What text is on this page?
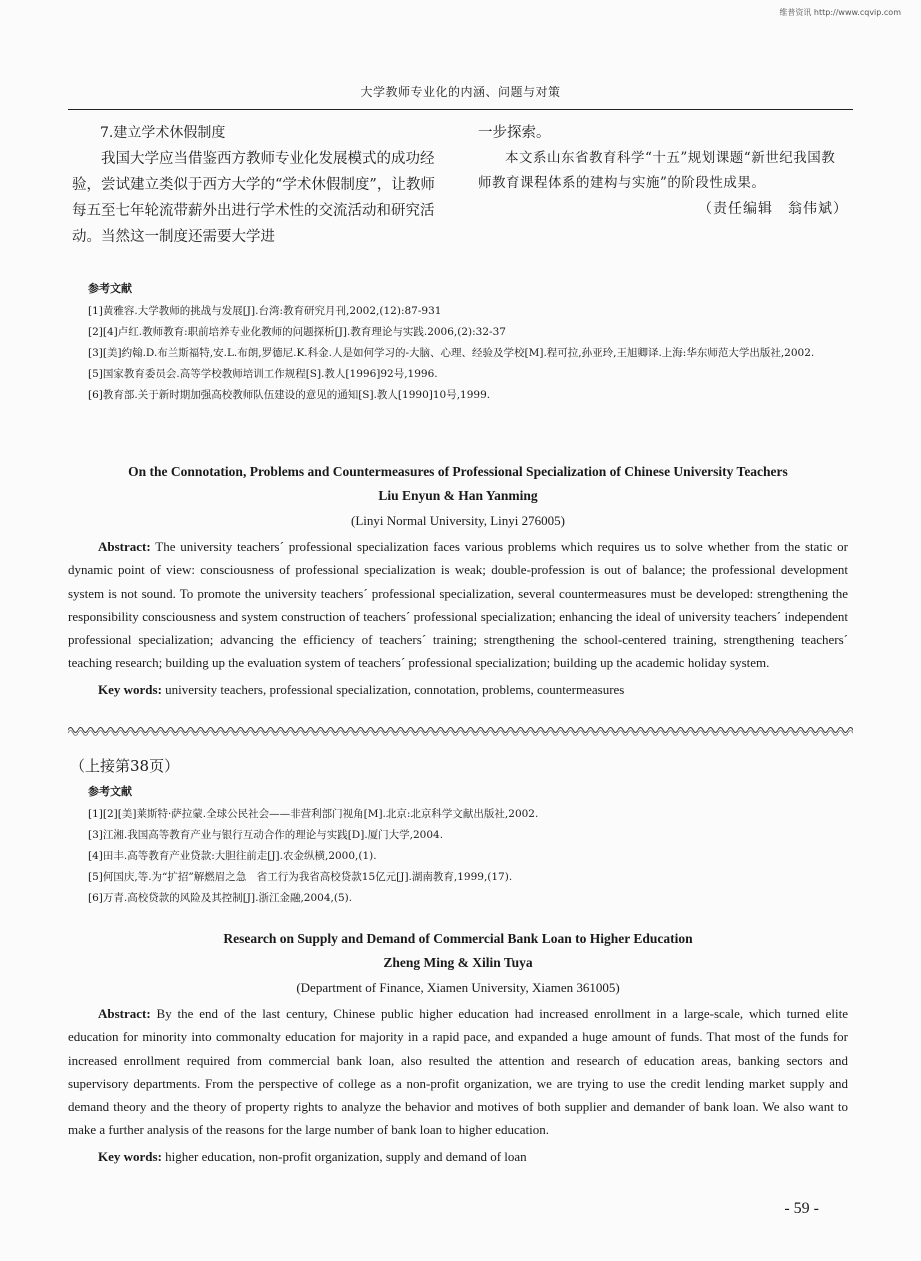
维普资讯 http://www.cqvip.com
大学教师专业化的内涵、问题与对策

7.建立学术休假制度

我国大学应当借鉴西方教师专业化发展模式的成功经验，尝试建立类似于西方大学的“学术休假制度”，让教师每五至七年轮流带薪外出进行学术性的交流活动和研究活动。当然这一制度还需要大学进

一步探索。

本文系山东省教育科学“十五”规划课题“新世纪我国教师教育课程体系的建构与实施”的阶段性成果。

（责任编辑　翁伟斌）

参考文献

[1]黄雅容.大学教师的挑战与发展[J].台湾:教育研究月刊,2002,(12):87-931

[2][4]卢红.教师教育:职前培养专业化教师的问题探析[J].教育理论与实践.2006,(2):32-37

[3][美]约翰.D.布兰斯福特,安.L.布朗,罗德尼.K.科金.人是如何学习的-大脑、心理、经验及学校[M].程可拉,孙亚玲,王旭卿译.上海:华东师范大学出版社,2002.

[5]国家教育委员会.高等学校教师培训工作规程[S].教人[1996]92号,1996.

[6]教育部.关于新时期加强高校教师队伍建设的意见的通知[S].教人[1990]10号,1999.

On the Connotation, Problems and Countermeasures of Professional Specialization of Chinese University Teachers
Liu Enyun & Han Yanming
(Linyi Normal University, Linyi 276005)

Abstract: The university teachers´ professional specialization faces various problems which requires us to solve whether from the static or dynamic point of view: consciousness of professional specialization is weak; double-profession is out of balance; the professional development system is not sound. To promote the university teachers´ professional specialization, several countermeasures must be developed: strengthening the responsibility consciousness and system construction of teachers´ professional specialization; enhancing the ideal of university teachers´ independent professional specialization; advancing the efficiency of teachers´ training; strengthening the school-centered training, strengthening teachers´ teaching research; building up the evaluation system of teachers´ professional specialization; building up the academic holiday system.

Key words: university teachers, professional specialization, connotation, problems, countermeasures

（上接第38页）
参考文献

[1][2][美]莱斯特·萨拉蒙.全球公民社会——非营利部门视角[M].北京:北京科学文献出版社,2002.

[3]江湘.我国高等教育产业与银行互动合作的理论与实践[D].厦门大学,2004.

[4]田丰.高等教育产业贷款:大胆往前走[J].农金纵横,2000,(1).

[5]何国庆,等.为“扩招”解燃眉之急　省工行为我省高校贷款15亿元[J].湖南教育,1999,(17).

[6]万青.高校贷款的风险及其控制[J].浙江金融,2004,(5).

Research on Supply and Demand of Commercial Bank Loan to Higher Education
Zheng Ming & Xilin Tuya
(Department of Finance, Xiamen University, Xiamen 361005)

Abstract: By the end of the last century, Chinese public higher education had increased enrollment in a large-scale, which turned elite education for minority into commonalty education for majority in a rapid pace, and expanded a huge amount of funds. That most of the funds for increased enrollment required from commercial bank loan, also resulted the attention and research of education areas, banking sectors and supervisory departments. From the perspective of college as a non-profit organization, we are trying to use the credit lending market supply and demand theory and the theory of property rights to analyze the behavior and motives of both supplier and demander of bank loan. We also want to make a further analysis of the reasons for the large number of bank loan to higher education.

Key words: higher education, non-profit organization, supply and demand of loan

- 59 -
